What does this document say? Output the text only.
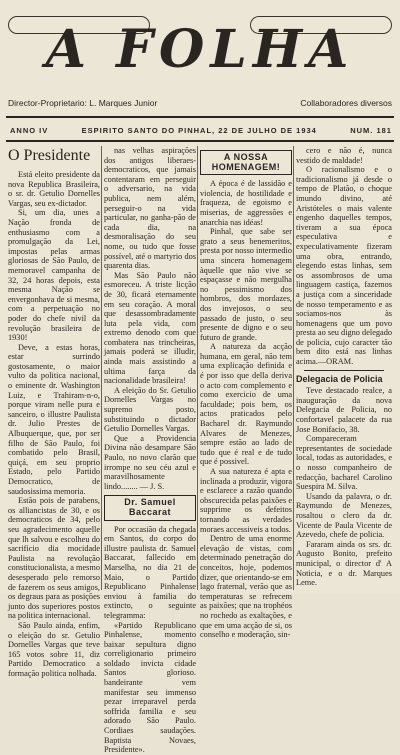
A FOLHA
Director-Proprietario: L. Marques Junior	Collaboradores diversos
ANNO IV	ESPIRITO SANTO DO PINHAL, 22 DE JULHO DE 1934	NUM. 181
O Presidente

Está eleito presidente da nova Republica Brasileira, o sr. dr. Getulio Dornelles Vargas, seu ex-dictador.

Si, um dia, unes a Nação fronda de enthusiasmo com a promulgação da Lei, impostas pelas armas gloriosas de São Paulo, de memoravel campanha de 32, 24 horas depois, esta mesma Nação se envergonhava de si mesma, com a perpetuação no poder do chefe nivil da revolução brasileira de 1930!

Deve, a estas horas, estar surrindo gostosamente, o maior vulto da politica nacional, o eminente dr. Washington Luiz, e Trahiram-n-o, porque viram nelle pura e sanceiro, o illustre Paulista dr. Julio Prestes de Albuquerque, que, por ser filho de São Paulo, foi combatido pelo Brasil, quiçá, em seu proprio Estado, pelo Partido Democratico, de saudosissima memoria.

Estão pois de parabens, os alliancistas de 30, e os democraticos de 34, pelo seu agradecimento aquelle que lh salvou e escolheu do sacrificio dia mocidade Paulista na revolução constitucionalista, a mesmo desesperado pelo remorso de fazerem os seus amigos, os degraus para as posições junto dos superiores postos na politica internacional.

São Paulo ainda, enfim, o eleição do sr. Getulio Dornelles Vargas que teve 165 votos sobre 11, diz Partido Democratico a formação politica nolhada.

nas velhas aspirações dos antigos liberaes-democraticos, que jamais contentaram em perseguir o adversario, na vida publica, nem além, perseguir-o na vida particular, no ganha-pão de cada dia, na desmoralisação do seu nome, ou tudo que fosse possível, até o martyrio dos quarenta dias.

Mas São Paulo não esmoreceu. A triste licção de 30, ficará eternamente em seu coração. A moral que desassombradamente luta pela vida, com extremo denodo com que combatera nas trincheiras, jamais poderá se illudir, ainda mais assistindo a ultima farça da nacionalidade brasileira!

A eleição do Sr. Getulio Dornelles Vargas no supremo posto, substituindo o dictador Getulio Dornelles Vargas.

Que a Providencia Divina não desampare São Paulo, no novo clarão que irrompe no seu céu azul e maravilhosamente lindo........ — J. S.

Dr. Samuel Baccarat

Por occasião da chegada em Santos, do corpo do illustre paulista dr. Samuel Baccarat, fallecido em Marselha, no dia 21 de Maio, o Partido Republicano Pinhalense enviou à familia do extincto, o seguinte telegramma:

«Partido Republicano Pinhalense, momento baixar sepultura digno correligionario primeiro soldado invicta cidade Santos glorioso. bandeirante vem manifestar seu immenso pezar irreparavel perda soffrida familia e seu adorado São Paulo. Cordiaes saudações. Baptista Novaes, Presidente».

A NOSSA HOMENAGEM!

A época é de lassidão e violencia, de hostilidade e fraqueza, de egoismo e miserias, de aggressões e anarchia nas idéas!

Pinhal, que sabe ser grato a seus benemeritos, presta por nosso intermedio uma sincera homenagem àquelle que não vive se espaçasse e não mergulha no pessimismo dos hombros, dos mordazes, dos invejosos, o seu passado de justo, o seu presente de digno e o seu futuro de grande.

A natureza da acção humana, em geral, não tem uma explicação definida e é por isso que della deriva o acto com complemento e como exercicio de uma faculdade; pois bem, os actos praticados pelo Bacharel dr. Raymundo Alvares de Menezes, sempre estão ao lado de tudo que é real e de tudo que é possivel.

A sua natureza é apta e inclinada a produzir, vigora e esclarece a razão quando obscurecida pelas paixões e supprime os defeitos tornando as verdades moraes accessiveis a todos.

Dentro de uma enorme elevação de vistas, com determinado penetração do conceitos, hoje, podemos dizer, que orientando-se em lago fraternal, verão que as temperaturas se refrecem as paixões; que na trophéos no rochedo as exaltações, e que em uma acção de si, os conselho e moderação, sin-

cero e não é, nunca vestido de maldade!

O racionalismo e o tradicionalismo já desde o tempo de Platão, o choque imundo divino, até Aristóteles o mais valente engenho daquelles tempos, tiveram a sua época especulativa e expeculativamente fizeram uma obra, entrando, elegendo estas linhas, sem os assombrosos de uma linguagem castiça, fazemos a justiça com a sinceridade de nosso temperamento e as sociamos-nos às homenagens que um povo presta ao seu digno delegado de policia, cujo caracter tão bem dito está nas linhas acima.—ORAM.

Delegacia de Policia

Teve destacado realce, a inauguração da nova Delegacia de Policia, no confortavel palacete da rua Jose Bonifacio, 38.

Compareceram representantes de sociedade local, todas as autoridades, e o nosso companheiro de redacção, bacharel Carolino Suespira M. Silva.

Usando da palavra, o dr. Raymundo de Menezes, rosaltou o clero da dr. Vicente de Paula Vicente de Azevedo, chefe de policia.

Fararam ainda os srs. dr. Augusto Bonito, prefeito municipal, o director d' A Noticia, e o dr. Marques Leme.
